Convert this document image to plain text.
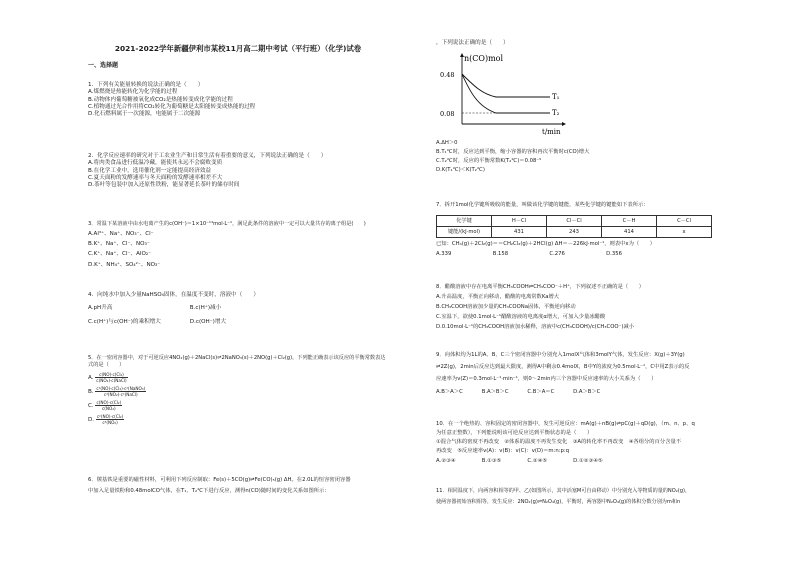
2021-2022学年新疆伊利市某校11月高二期中考试（平行班）（化学)试卷
一、选择题
1．下列有关能量转换的说法正确的是（　　）
A.煤燃烧是热能转化为化学能的过程
B.动物体内葡萄糖被氧化成CO₂是热能转变成化学能的过程
C.植物通过光合作用将CO₂转化为葡萄糖是太阳能转变成热能的过程
D.化石燃料属于一次能源，电能属于二次能源
2．化学反应速率的研究对于工农业生产和日常生活有着重要的意义，下列说法正确的是（　　）
A.将肉类食品进行低温冷藏，能使其永远不会腐败变质
B.在化学工业中，选用催化剂一定能提高经济效益
C.夏天面粉的发酵速率与冬天面粉的发酵速率相差不大
D.茶叶等包装中加入还原性铁粉，能显著延长茶叶的储存时间
3．常温下某溶液中由水电离产生的c(OH⁻)＝1×10⁻¹⁴mol·L⁻¹，满足此条件的溶液中一定可以大量共存的离子组是(　　)
A.Al³⁺、Na⁺、NO₃⁻、Cl⁻
B.K⁺、Na⁺、Cl⁻、NO₃⁻
C.K⁺、Na⁺、Cl⁻、AlO₂⁻
D.K⁺、NH₄⁺、SO₄²⁻、NO₃⁻
4．向纯水中加入少量NaHSO₄固体，在温度不变时，溶液中（　　）
A.pH升高	B.c(H⁺)减小
C.c(H⁺)与c(OH⁻)的乘积增大	D.c(OH⁻)增大
5．在一密闭容器中，对于可逆反应4NO₂(g)＋2NaCl(s)⇌2NaNO₃(s)＋2NO(g)＋Cl₂(g)，下列能正确表示该反应的平衡常数表达式的是（　　）
A. $\frac{\text{c(NO)·c(Cl₂)}}{\text{c(NO₂)·c(NaCl)}}$
B. $\frac{\text{c²(NO)·c(Cl₂)·c²(NaNO₃)}}{\text{c⁴(NO₂)·c²(NaCl)}}$
C. $\frac{\text{c(NO)·c(Cl₂)}}{\text{c(NO₂)}}$
D. $\frac{\text{c²(NO)·c(Cl₂)}}{\text{c⁴(NO₂)}}$
6．羰基铁是重要的磁性材料，可利用下列反应制取：Fe(s)＋5CO(g)⇌Fe(CO)₅(g) ΔH。在2.0L的恒容密闭容器
中加入足量铁粉和0.48molCO气体，在T₁、T₂℃下进行反应，测得n(CO)随时间的变化关系如图所示：
，下列说法正确的是（　　）
n(CO)mol
t/min
0.48
0.08
T₁
T₂
A.ΔH＞0
B.T₁℃时，反应达到平衡，缩小容器的容积再次平衡时c(CO)增大
C.T₂℃时，反应的平衡常数K(T₂℃)＝0.08⁻⁵
D.K(T₁℃)＜K(T₂℃)
7．拆开1mol化学键所吸收的能量，叫做该化学键的键能，某些化学键的键能如下表所示：
化学键	H－Cl	Cl－Cl	C－H	C－Cl
键能/(kJ·mol)	431	243	414	x
已知：CH₄(g)＋2Cl₂(g)＝＝CH₂Cl₂(g)＋2HCl(g) ΔH＝－226kJ·mol⁻¹，则表中x为（　　）
A.339	B.158	C.276	D.356
8．醋酸溶液中存在电离平衡CH₃COOH⇌CH₃COO⁻＋H⁺，下列叙述不正确的是（　　）
A.升高温度，平衡正向移动，醋酸的电离常数Ka增大
B.CH₃COOH溶液加少量的CH₃COONa固体，平衡逆向移动
C.室温下，欲使0.1mol·L⁻¹醋酸溶液的电离度α增大，可加入少量冰醋酸
D.0.10mol·L⁻¹的CH₃COOH溶液加水稀释，溶液中c(CH₃COOH)/c(CH₃COO⁻)减小
9．向体积均为1L的A、B、C三个密闭容器中分别充入1molX气体和3molY气体，发生反应：X(g)＋3Y(g)
⇌2Z(g)，2min后反应达到最大限度，测得A中剩余0.4molX，B中Y的浓度为0.5mol·L⁻¹，C中用Z表示的反
应速率为v(Z)＝0.3mol·L⁻¹·min⁻¹，则0～2min内三个容器中反应速率的大小关系为（　　）
A.B＞A＞C	B.A＞B＞C	C.B＞A＝C	D.A＞B＞C
10．在一个绝热的、容积固定的密闭容器中，发生可逆反应：mA(g)＋nB(g)⇌pC(g)＋qD(g)，（m、n、p、q
为任意正整数），下列能说明该可逆反应达到平衡状态的是（　　）
①混合气体的密度不再改变　②体系的温度不再发生变化　③A的转化率不再改变　④各组分的百分含量不
再改变　⑤反应速率v(A)：v(B)：v(C)：v(D)＝m:n:p:q
A.②③④	B.①③⑤	C.②④⑤	D.①②③④⑤
11．相同温度下，向两容积相等的甲、乙(如图所示，其中活塞M可自由移动）中分别充入等物质的量的NO₂(g)，
使两容器初始容积相等，发生反应：2NO₂(g)⇌N₂O₄(g)，平衡时，两容器中N₂O₄(g)的体积分数分别为m和n
